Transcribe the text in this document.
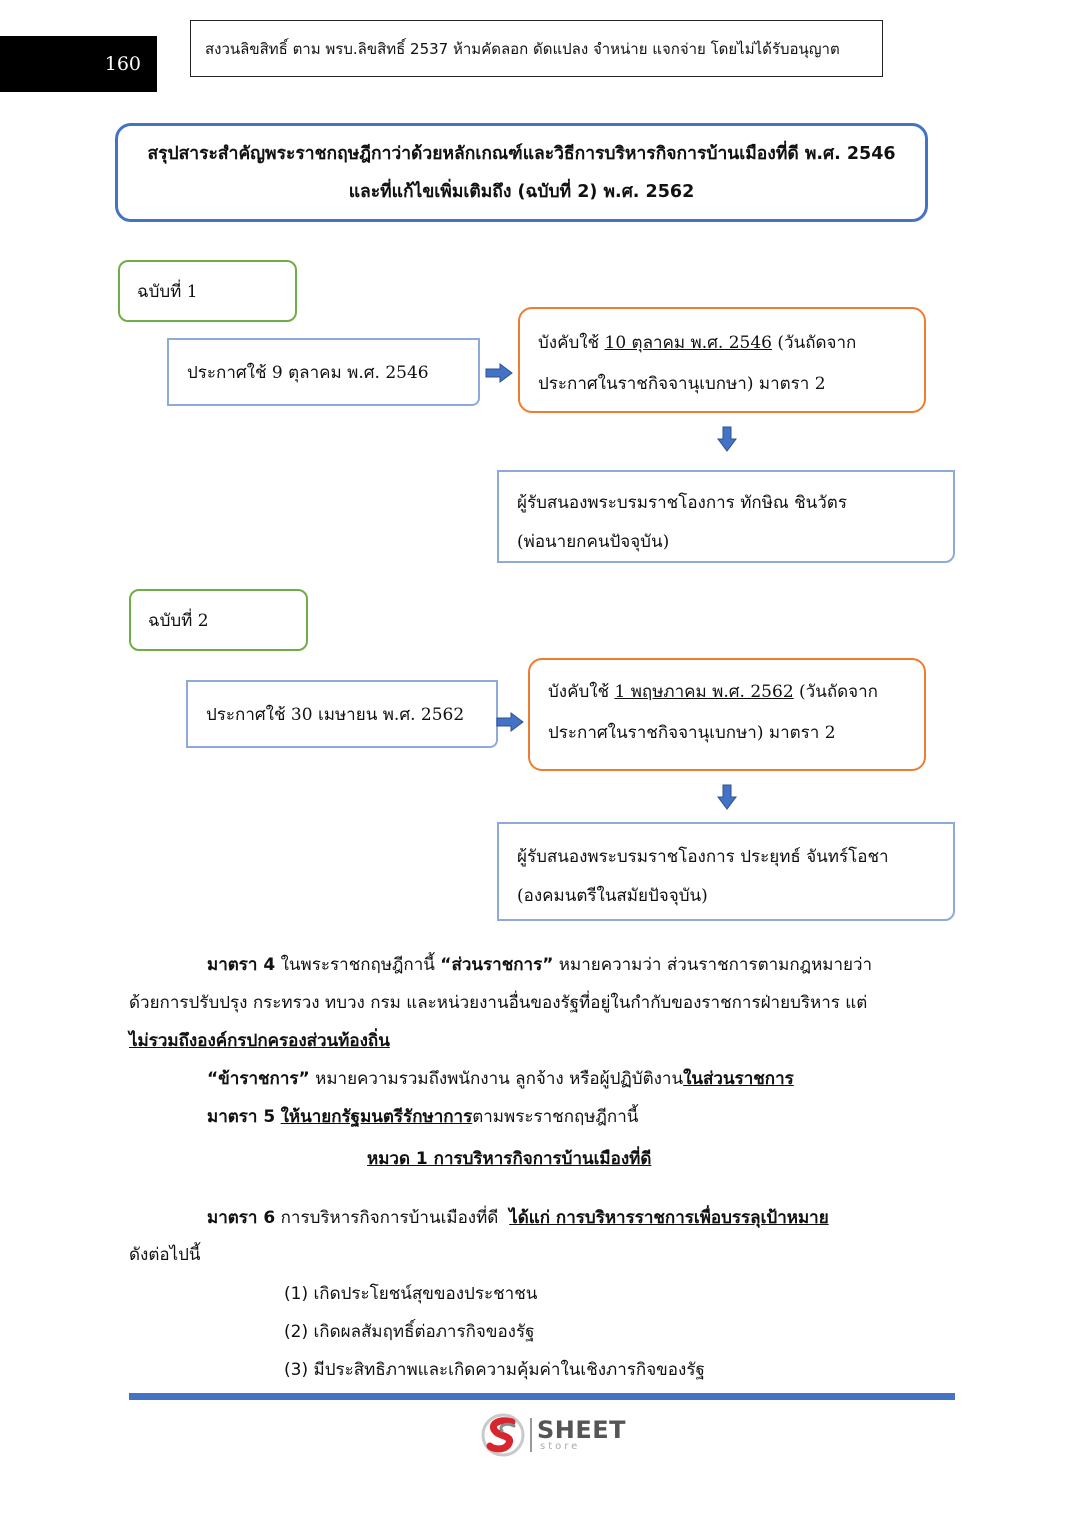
160
สงวนลิขสิทธิ์ ตาม พรบ.ลิขสิทธิ์ 2537 ห้ามคัดลอก ดัดแปลง จำหน่าย แจกจ่าย โดยไม่ได้รับอนุญาต
สรุปสาระสำคัญพระราชกฤษฎีกาว่าด้วยหลักเกณฑ์และวิธีการบริหารกิจการบ้านเมืองที่ดี พ.ศ. 2546
และที่แก้ไขเพิ่มเติมถึง (ฉบับที่ 2) พ.ศ. 2562
ฉบับที่ 1
ประกาศใช้ 9 ตุลาคม พ.ศ. 2546
บังคับใช้ 10 ตุลาคม พ.ศ. 2546 (วันถัดจาก
ประกาศในราชกิจจานุเบกษา) มาตรา 2
ผู้รับสนองพระบรมราชโองการ ทักษิณ ชินวัตร
(พ่อนายกคนปัจจุบัน)
ฉบับที่ 2
ประกาศใช้ 30 เมษายน พ.ศ. 2562
บังคับใช้ 1 พฤษภาคม พ.ศ. 2562 (วันถัดจาก
ประกาศในราชกิจจานุเบกษา) มาตรา 2
ผู้รับสนองพระบรมราชโองการ ประยุทธ์ จันทร์โอชา
(องคมนตรีในสมัยปัจจุบัน)
มาตรา 4 ในพระราชกฤษฎีกานี้ “ส่วนราชการ” หมายความว่า ส่วนราชการตามกฎหมายว่า
ด้วยการปรับปรุง กระทรวง ทบวง กรม และหน่วยงานอื่นของรัฐที่อยู่ในกำกับของราชการฝ่ายบริหาร แต่
ไม่รวมถึงองค์กรปกครองส่วนท้องถิ่น
“ข้าราชการ” หมายความรวมถึงพนักงาน ลูกจ้าง หรือผู้ปฏิบัติงานในส่วนราชการ
มาตรา 5 ให้นายกรัฐมนตรีรักษาการตามพระราชกฤษฎีกานี้
หมวด 1 การบริหารกิจการบ้านเมืองที่ดี
มาตรา 6 การบริหารกิจการบ้านเมืองที่ดี  ได้แก่ การบริหารราชการเพื่อบรรลุเป้าหมาย
ดังต่อไปนี้
(1) เกิดประโยชน์สุขของประชาชน
(2) เกิดผลสัมฤทธิ์ต่อภารกิจของรัฐ
(3) มีประสิทธิภาพและเกิดความคุ้มค่าในเชิงภารกิจของรัฐ
SHEET
store
